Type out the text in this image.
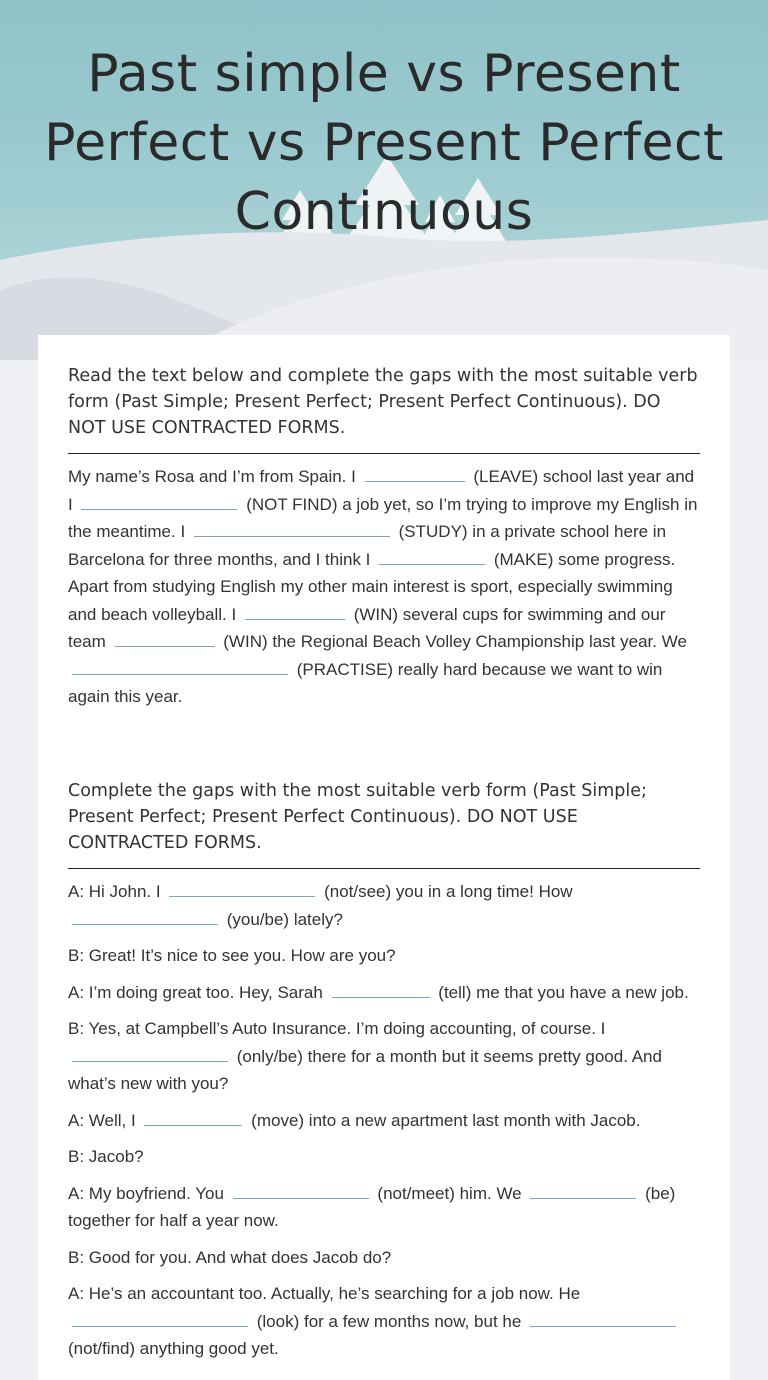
Past simple vs Present Perfect vs Present Perfect Continuous

Read the text below and complete the gaps with the most suitable verb form (Past Simple; Present Perfect; Present Perfect Continuous). DO NOT USE CONTRACTED FORMS.

My name’s Rosa and I’m from Spain. I	(LEAVE) school last year and I	(NOT FIND) a job yet, so I’m trying to improve my English in the meantime. I	(STUDY) in a private school here in Barcelona for three months, and I think I	(MAKE) some progress. Apart from studying English my other main interest is sport, especially swimming and beach volleyball. I	(WIN) several cups for swimming and our team	(WIN) the Regional Beach Volley Championship last year. We  (PRACTISE) really hard because we want to win again this year.

Complete the gaps with the most suitable verb form (Past Simple; Present Perfect; Present Perfect Continuous). DO NOT USE CONTRACTED FORMS.

A: Hi John. I	(not/see) you in a long time! How  (you/be) lately?

B: Great! It’s nice to see you. How are you?

A: I’m doing great too. Hey, Sarah	(tell) me that you have a new job.

B: Yes, at Campbell’s Auto Insurance. I’m doing accounting, of course. I  (only/be) there for a month but it seems pretty good. And what’s new with you?

A: Well, I	(move) into a new apartment last month with Jacob.

B: Jacob?

A: My boyfriend. You	(not/meet) him. We	(be) together for half a year now.

B: Good for you. And what does Jacob do?

A: He’s an accountant too. Actually, he’s searching for a job now. He  (look) for a few months now, but he  (not/find) anything good yet.
